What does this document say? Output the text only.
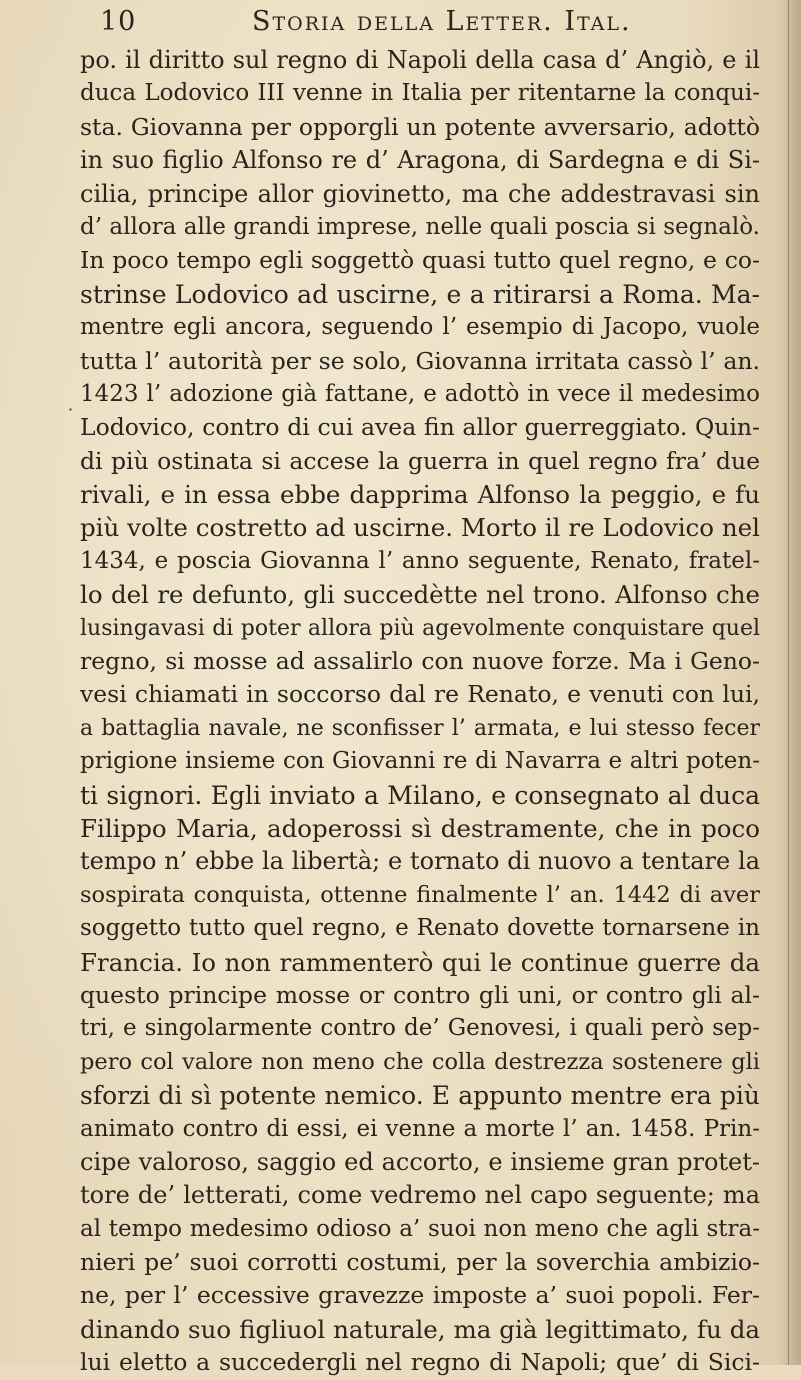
10	Storia della Letter. Ital.
·
po. il diritto sul regno di Napoli della casa d’ Angiò, e il
duca Lodovico III venne in Italia per ritentarne la conqui-
sta. Giovanna per opporgli un potente avversario, adottò
in suo figlio Alfonso re d’ Aragona, di Sardegna e di Si-
cilia, principe allor giovinetto, ma che addestravasi sin
d’ allora alle grandi imprese, nelle quali poscia si segnalò.
In poco tempo egli soggettò quasi tutto quel regno, e co-
strinse Lodovico ad uscirne, e a ritirarsi a Roma. Ma-
mentre egli ancora, seguendo l’ esempio di Jacopo, vuole
tutta l’ autorità per se solo, Giovanna irritata cassò l’ an.
1423 l’ adozione già fattane, e adottò in vece il medesimo
Lodovico, contro di cui avea fin allor guerreggiato. Quin-
di più ostinata si accese la guerra in quel regno fra’ due
rivali, e in essa ebbe dapprima Alfonso la peggio, e fu
più volte costretto ad uscirne. Morto il re Lodovico nel
1434, e poscia Giovanna l’ anno seguente, Renato, fratel-
lo del re defunto, gli succedètte nel trono. Alfonso che
lusingavasi di poter allora più agevolmente conquistare quel
regno, si mosse ad assalirlo con nuove forze. Ma i Geno-
vesi chiamati in soccorso dal re Renato, e venuti con lui,
a battaglia navale, ne sconfisser l’ armata, e lui stesso fecer
prigione insieme con Giovanni re di Navarra e altri poten-
ti signori. Egli inviato a Milano, e consegnato al duca
Filippo Maria, adoperossi sì destramente, che in poco
tempo n’ ebbe la libertà; e tornato di nuovo a tentare la
sospirata conquista, ottenne finalmente l’ an. 1442 di aver
soggetto tutto quel regno, e Renato dovette tornarsene in
Francia. Io non rammenterò qui le continue guerre da
questo principe mosse or contro gli uni, or contro gli al-
tri, e singolarmente contro de’ Genovesi, i quali però sep-
pero col valore non meno che colla destrezza sostenere gli
sforzi di sì potente nemico. E appunto mentre era più
animato contro di essi, ei venne a morte l’ an. 1458. Prin-
cipe valoroso, saggio ed accorto, e insieme gran protet-
tore de’ letterati, come vedremo nel capo seguente; ma
al tempo medesimo odioso a’ suoi non meno che agli stra-
nieri pe’ suoi corrotti costumi, per la soverchia ambizio-
ne, per l’ eccessive gravezze imposte a’ suoi popoli. Fer-
dinando suo figliuol naturale, ma già legittimato, fu da
lui eletto a succedergli nel regno di Napoli; que’ di Sici-
